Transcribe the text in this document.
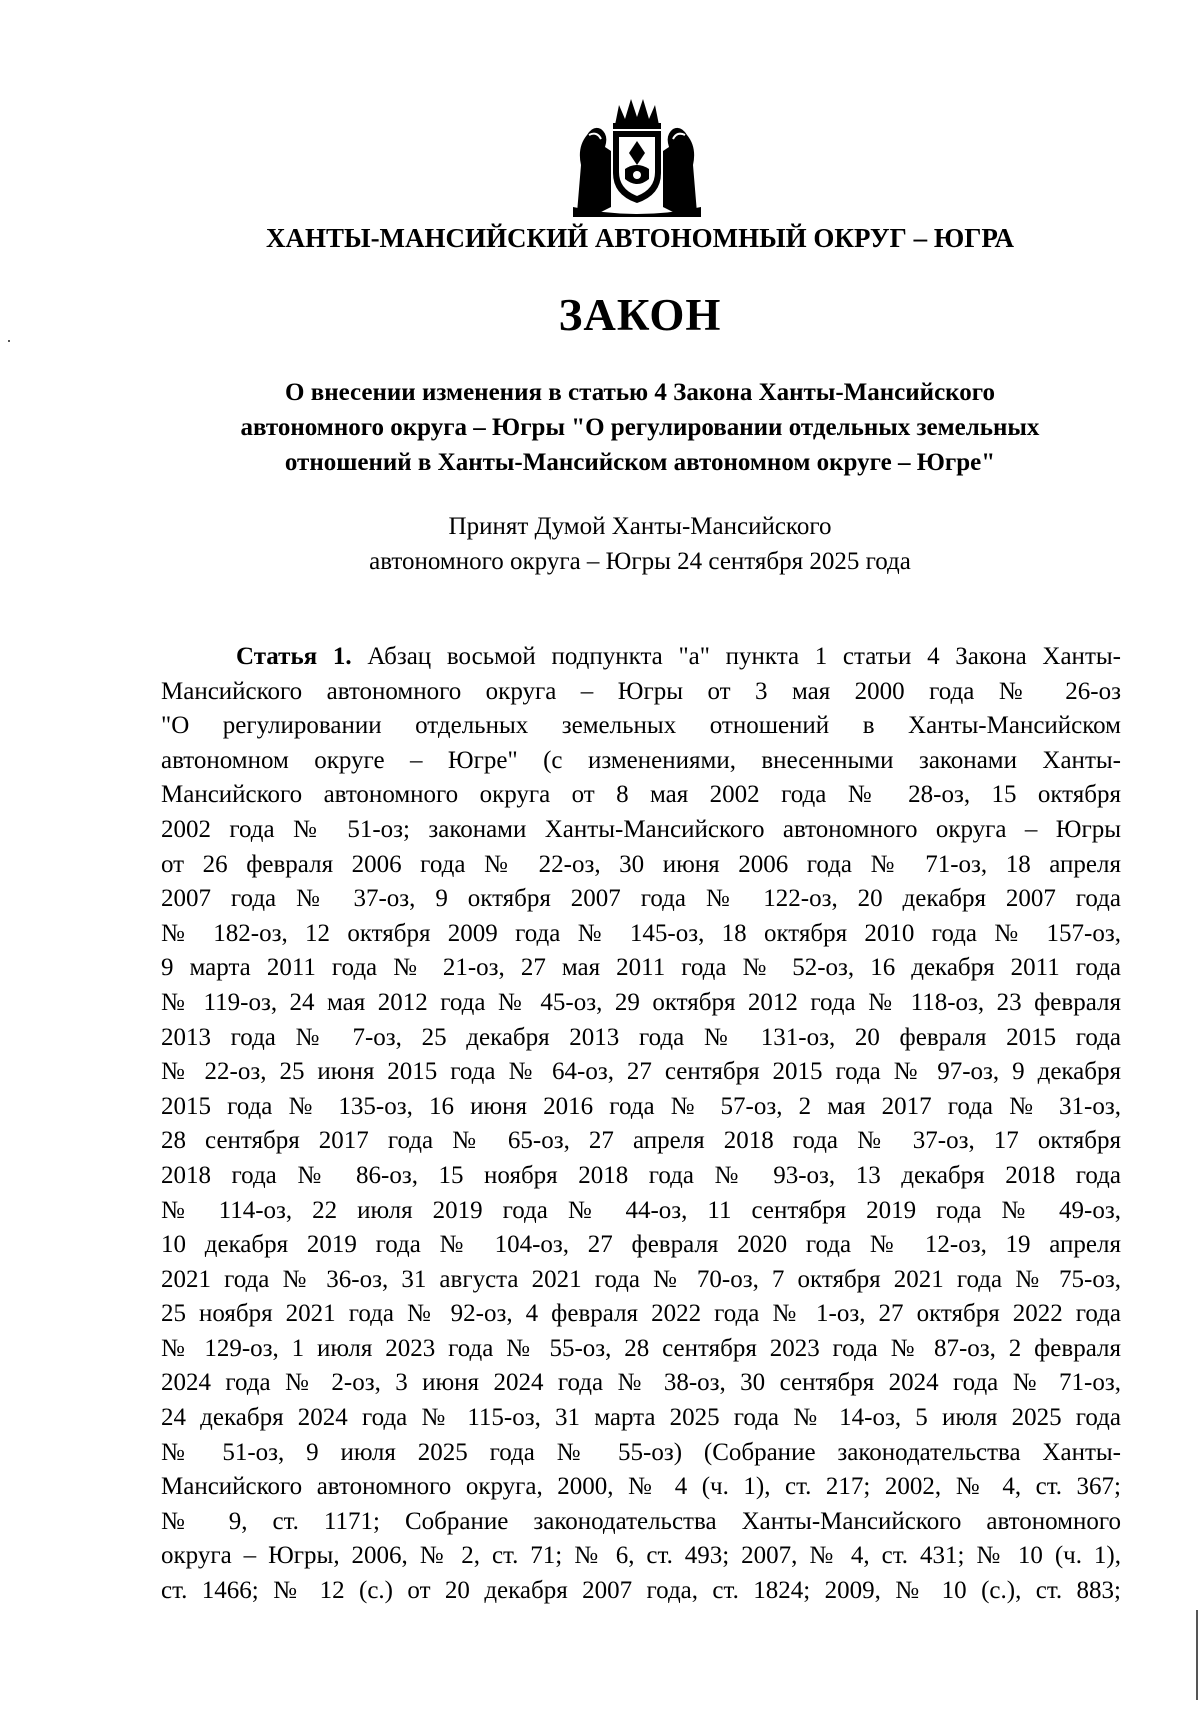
ХАНТЫ-МАНСИЙСКИЙ АВТОНОМНЫЙ ОКРУГ – ЮГРА
ЗАКОН
О внесении изменения в статью 4 Закона Ханты-Мансийского
автономного округа – Югры "О регулировании отдельных земельных
отношений в Ханты-Мансийском автономном округе – Югре"
Принят Думой Ханты-Мансийского
автономного округа – Югры 24 сентября 2025 года
Статья 1. Абзац восьмой подпункта "а" пункта 1 статьи 4 Закона Ханты-
Мансийского автономного округа – Югры от 3 мая 2000 года № 26-оз
"О регулировании отдельных земельных отношений в Ханты-Мансийском
автономном округе – Югре" (с изменениями, внесенными законами Ханты-
Мансийского автономного округа от 8 мая 2002 года № 28-оз, 15 октября
2002 года № 51-оз; законами Ханты-Мансийского автономного округа – Югры
от 26 февраля 2006 года № 22-оз, 30 июня 2006 года № 71-оз, 18 апреля
2007 года № 37-оз, 9 октября 2007 года № 122-оз, 20 декабря 2007 года
№ 182-оз, 12 октября 2009 года № 145-оз, 18 октября 2010 года № 157-оз,
9 марта 2011 года № 21-оз, 27 мая 2011 года № 52-оз, 16 декабря 2011 года
№ 119-оз, 24 мая 2012 года № 45-оз, 29 октября 2012 года № 118-оз, 23 февраля
2013 года № 7-оз, 25 декабря 2013 года № 131-оз, 20 февраля 2015 года
№ 22-оз, 25 июня 2015 года № 64-оз, 27 сентября 2015 года № 97-оз, 9 декабря
2015 года № 135-оз, 16 июня 2016 года № 57-оз, 2 мая 2017 года № 31-оз,
28 сентября 2017 года № 65-оз, 27 апреля 2018 года № 37-оз, 17 октября
2018 года № 86-оз, 15 ноября 2018 года № 93-оз, 13 декабря 2018 года
№ 114-оз, 22 июля 2019 года № 44-оз, 11 сентября 2019 года № 49-оз,
10 декабря 2019 года № 104-оз, 27 февраля 2020 года № 12-оз, 19 апреля
2021 года № 36-оз, 31 августа 2021 года № 70-оз, 7 октября 2021 года № 75-оз,
25 ноября 2021 года № 92-оз, 4 февраля 2022 года № 1-оз, 27 октября 2022 года
№ 129-оз, 1 июля 2023 года № 55-оз, 28 сентября 2023 года № 87-оз, 2 февраля
2024 года № 2-оз, 3 июня 2024 года № 38-оз, 30 сентября 2024 года № 71-оз,
24 декабря 2024 года № 115-оз, 31 марта 2025 года № 14-оз, 5 июля 2025 года
№ 51-оз, 9 июля 2025 года № 55-оз) (Собрание законодательства Ханты-
Мансийского автономного округа, 2000, № 4 (ч. 1), ст. 217; 2002, № 4, ст. 367;
№ 9, ст. 1171; Собрание законодательства Ханты-Мансийского автономного
округа – Югры, 2006, № 2, ст. 71; № 6, ст. 493; 2007, № 4, ст. 431; № 10 (ч. 1),
ст. 1466; № 12 (с.) от 20 декабря 2007 года, ст. 1824; 2009, № 10 (с.), ст. 883;
